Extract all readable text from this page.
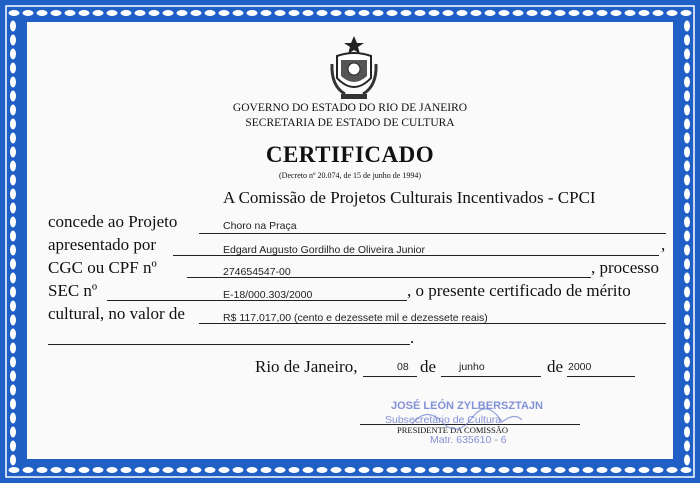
GOVERNO DO ESTADO DO RIO DE JANEIRO
SECRETARIA DE ESTADO DE CULTURA
CERTIFICADO
(Decreto nº 20.074, de 15 de junho de 1994)
A Comissão de Projetos Culturais Incentivados - CPCI
concede ao Projeto	Choro na Praça
apresentado por	Edgard Augusto Gordilho de Oliveira Junior	,
CGC ou CPF nº	274654547-00	, processo
SEC nº	E-18/000.303/2000	, o presente certificado de mérito
cultural, no valor de	R$ 117.017,00 (cento e dezessete mil e dezessete reais)
.
Rio de Janeiro,	08 de junho	de 2000
JOSÉ LEÓN ZYLBERSZTAJN
Subsecretário de Cultura
PRESIDENTE DA COMISSÃO
Matr. 635610 - 6
